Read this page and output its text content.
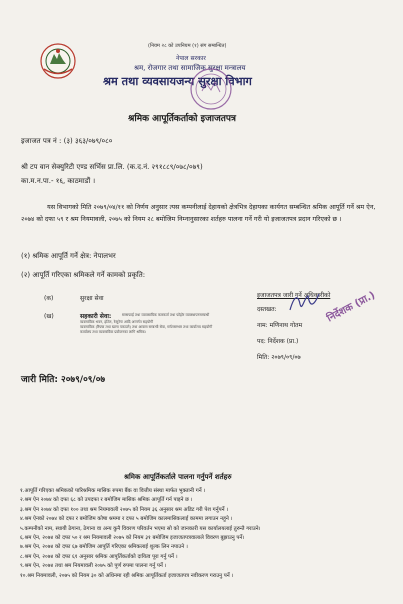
(नियम २८ को उपनियम (१) संग सम्बन्धित)
नेपाल सरकार
श्रम, रोजगार तथा सामाजिक सुरक्षा मन्त्रालय
श्रम तथा व्यवसायजन्य सुरक्षा विभाग
श्रमिक आपूर्तिकर्ताको इजाजतपत्र
इजाजत पत्र नं : (३) ३६३/०७९/०८०
श्री टप वान सेक्युरिटी एण्ड सर्भिस प्रा.लि. (क.द.नं. २९१८८९/०७८/०७९)
का.म.न.पा.- १६, काठमाडौं ।
यस विभागको मिति २०७९/०४/११ को निर्णय अनुसार त्यस कम्पनीलाई देहायको क्षेत्रभित्र देहायका कार्यगत सम्बन्धित श्रमिक आपूर्ति गर्ने श्रम ऐन, २०७४ को दफा ५९ र श्रम नियमावली, २०७५ को नियम २८ बमोजिम निम्नानुसारका शर्तहरु पालना गर्ने गरी यो इजाजतपत्र प्रदान गरिएको छ ।
(१) श्रमिक आपूर्ति गर्ने क्षेत्र: नेपालभर
(२) आपूर्ति गरिएका श्रमिकले गर्ने कामको प्रकृति:
(क)	सुरक्षा सेवा
(ख)	सहकारी सेवा:	सरसफाई तथा व्यावसायिक कारकर्ता तथा फोहोर व्यवस्थापनसम्बन्धी
व्यवसायिक भवन, होटेल, रेस्टुरेन्ट आदि अन्तर्गत सहयोगी
व्यवसायिक (रिफ्या तथा खाना पकाउने) तथा आवास सम्बन्धी सेवा, मर्मतसम्भार तथा कार्यालय सहयोगी
कार्यालय तथा व्यवसायिक प्रयोजनका लागि श्रमिक।
इजाजतपत्र जारी गर्ने अधिकारीको
दस्तखत:
नाम: मणिनाथ गोतम
पद: निर्देशक (प्रा.)
मिति: २०७९/०९/०७
निर्देशक (प्रा.)
जारी मिति: २०७९/०९/०७
श्रमिक आपूर्तिकर्ताले पालना गर्नुपर्ने शर्तहरु
१.आपूर्ति गरिएका श्रमिकको पारिश्रमिक मासिक रुपमा बैंक वा वित्तीय संस्था मार्फत भुक्तानी गर्ने ।
२.श्रम ऐन २०७४ को दफा ६८ को उपदफा र बमोजिम मासिक श्रमिक आपूर्ति गर्न पाइने छ ।
३.श्रम ऐन २०७४ को दफा १०० तथा श्रम नियमावली २०७५ को नियम ३६ अनुसार श्रम अडिट गरी पेश गर्नुपर्ने ।
४.श्रम ऐनको २०७४ को दफा र बमोजिम कोषा श्रममा र दफा ५ बमोजिम कालमासिकलाई काममा लगाउन नहुने ।
५.कम्पनीको नाम, स्थायी ठेगाना, ठेगाना वा अन्य कुनै विवरण परिवर्तन भएमा सो को जानकारी यस कार्यालयलाई तुरुन्तै गराउने।
६.श्रम ऐन, २०७४ को दफा ५० र श्रम नियमावली २०७५ को नियम ३१ बमोजिम इजाजतपत्रवालाले विवरण बुझाउनु पर्ने।
७.श्रम ऐन, २०७४ को दफा ६७ बमोजिम आपूर्ति गरिएका श्रमिकलाई शुल्क लिन नपाउने ।
८.श्रम ऐन, २०७४ को दफा ६१ अनुसार श्रमिक आपूर्तिकर्ताको दायित्व पूरा गर्नु पर्ने ।
९.श्रम ऐन, २०७४ तथा श्रम नियमावली २०७५ को पूर्ण रुपमा पालना गर्नु पर्ने ।
१०.श्रम नियमावली, २०७५ को नियम ३० को अधिनमा रही श्रमिक आपूर्तिकर्ता इजाजतपत्र नवीकरण गराउनु पर्ने ।
